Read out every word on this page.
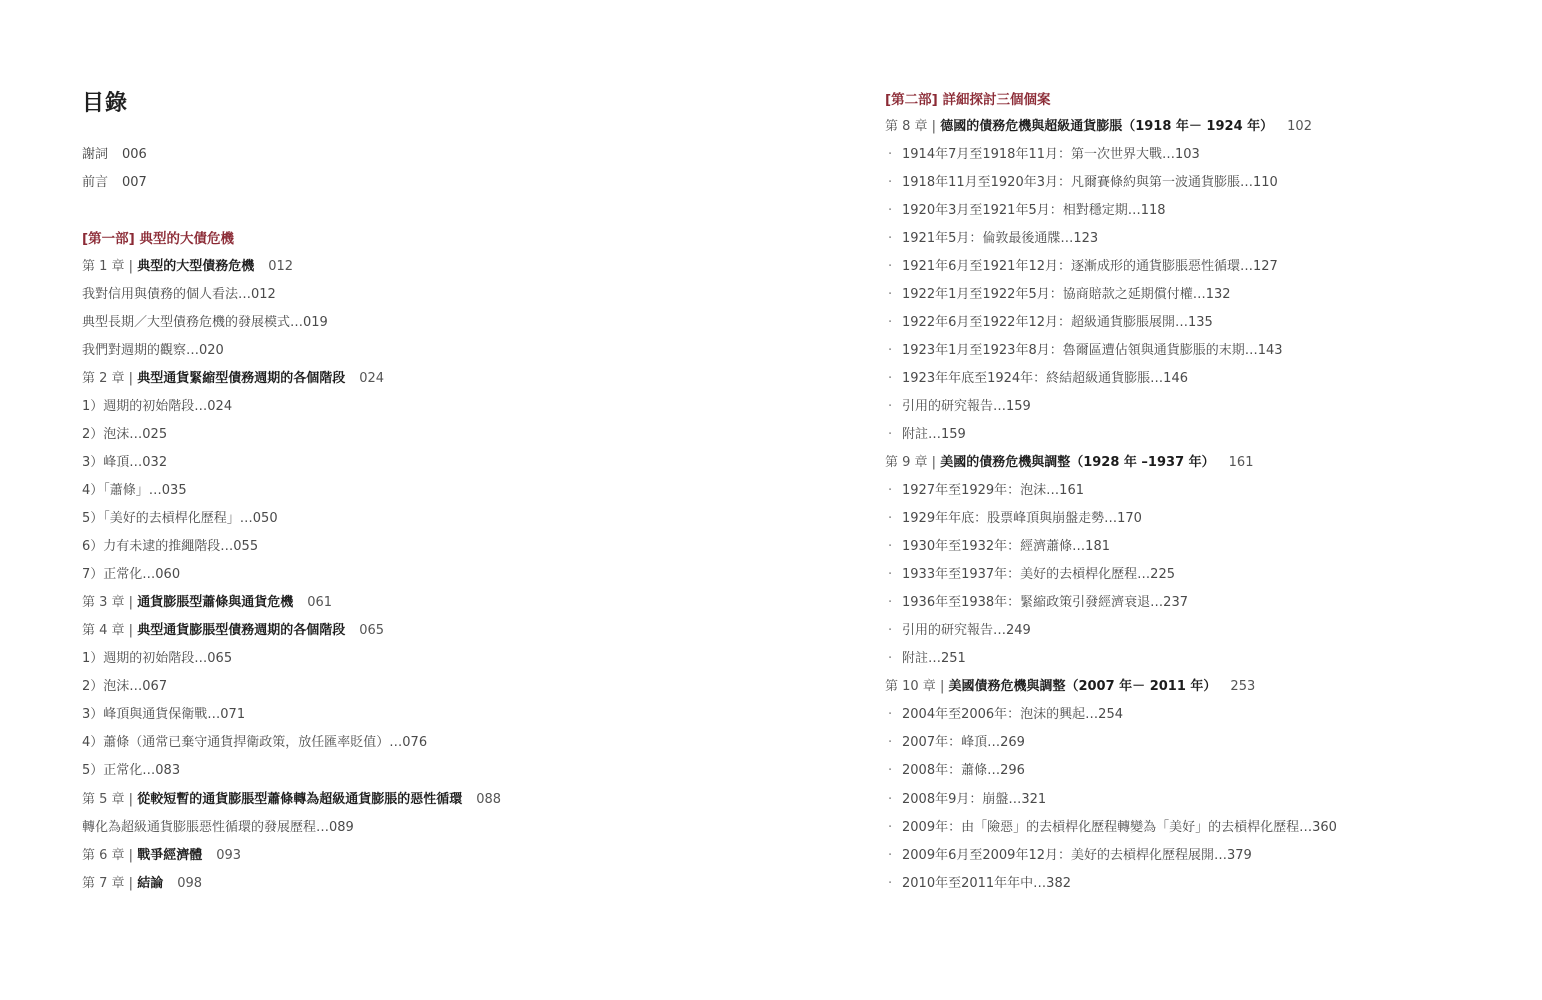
目錄
謝詞 006
前言 007
[第一部] 典型的大債危機
第 1 章 | 典型的大型債務危機 012
我對信用與債務的個人看法…012
典型長期／大型債務危機的發展模式…019
我們對週期的觀察…020
第 2 章 | 典型通貨緊縮型債務週期的各個階段 024
1）週期的初始階段…024
2）泡沫…025
3）峰頂…032
4）「蕭條」…035
5）「美好的去槓桿化歷程」…050
6）力有未逮的推繩階段…055
7）正常化…060
第 3 章 | 通貨膨脹型蕭條與通貨危機 061
第 4 章 | 典型通貨膨脹型債務週期的各個階段 065
1）週期的初始階段…065
2）泡沫…067
3）峰頂與通貨保衛戰…071
4）蕭條（通常已棄守通貨捍衛政策，放任匯率貶值）…076
5）正常化…083
第 5 章 | 從較短暫的通貨膨脹型蕭條轉為超級通貨膨脹的惡性循環 088
轉化為超級通貨膨脹惡性循環的發展歷程…089
第 6 章 | 戰爭經濟體 093
第 7 章 | 結論 098
[第二部] 詳細探討三個個案
第 8 章 | 德國的債務危機與超級通貨膨脹（1918 年－ 1924 年） 102
· 1914年7月至1918年11月：第一次世界大戰…103
· 1918年11月至1920年3月：凡爾賽條約與第一波通貨膨脹…110
· 1920年3月至1921年5月：相對穩定期…118
· 1921年5月：倫敦最後通牒…123
· 1921年6月至1921年12月：逐漸成形的通貨膨脹惡性循環…127
· 1922年1月至1922年5月：協商賠款之延期償付權…132
· 1922年6月至1922年12月：超級通貨膨脹展開…135
· 1923年1月至1923年8月：魯爾區遭佔領與通貨膨脹的末期…143
· 1923年年底至1924年：終結超級通貨膨脹…146
· 引用的研究報告…159
· 附註…159
第 9 章 | 美國的債務危機與調整（1928 年 –1937 年） 161
· 1927年至1929年：泡沫…161
· 1929年年底：股票峰頂與崩盤走勢…170
· 1930年至1932年：經濟蕭條…181
· 1933年至1937年：美好的去槓桿化歷程…225
· 1936年至1938年：緊縮政策引發經濟衰退…237
· 引用的研究報告…249
· 附註…251
第 10 章 | 美國債務危機與調整（2007 年－ 2011 年） 253
· 2004年至2006年：泡沫的興起…254
· 2007年：峰頂…269
· 2008年：蕭條…296
· 2008年9月：崩盤…321
· 2009年：由「險惡」的去槓桿化歷程轉變為「美好」的去槓桿化歷程…360
· 2009年6月至2009年12月：美好的去槓桿化歷程展開…379
· 2010年至2011年年中…382
